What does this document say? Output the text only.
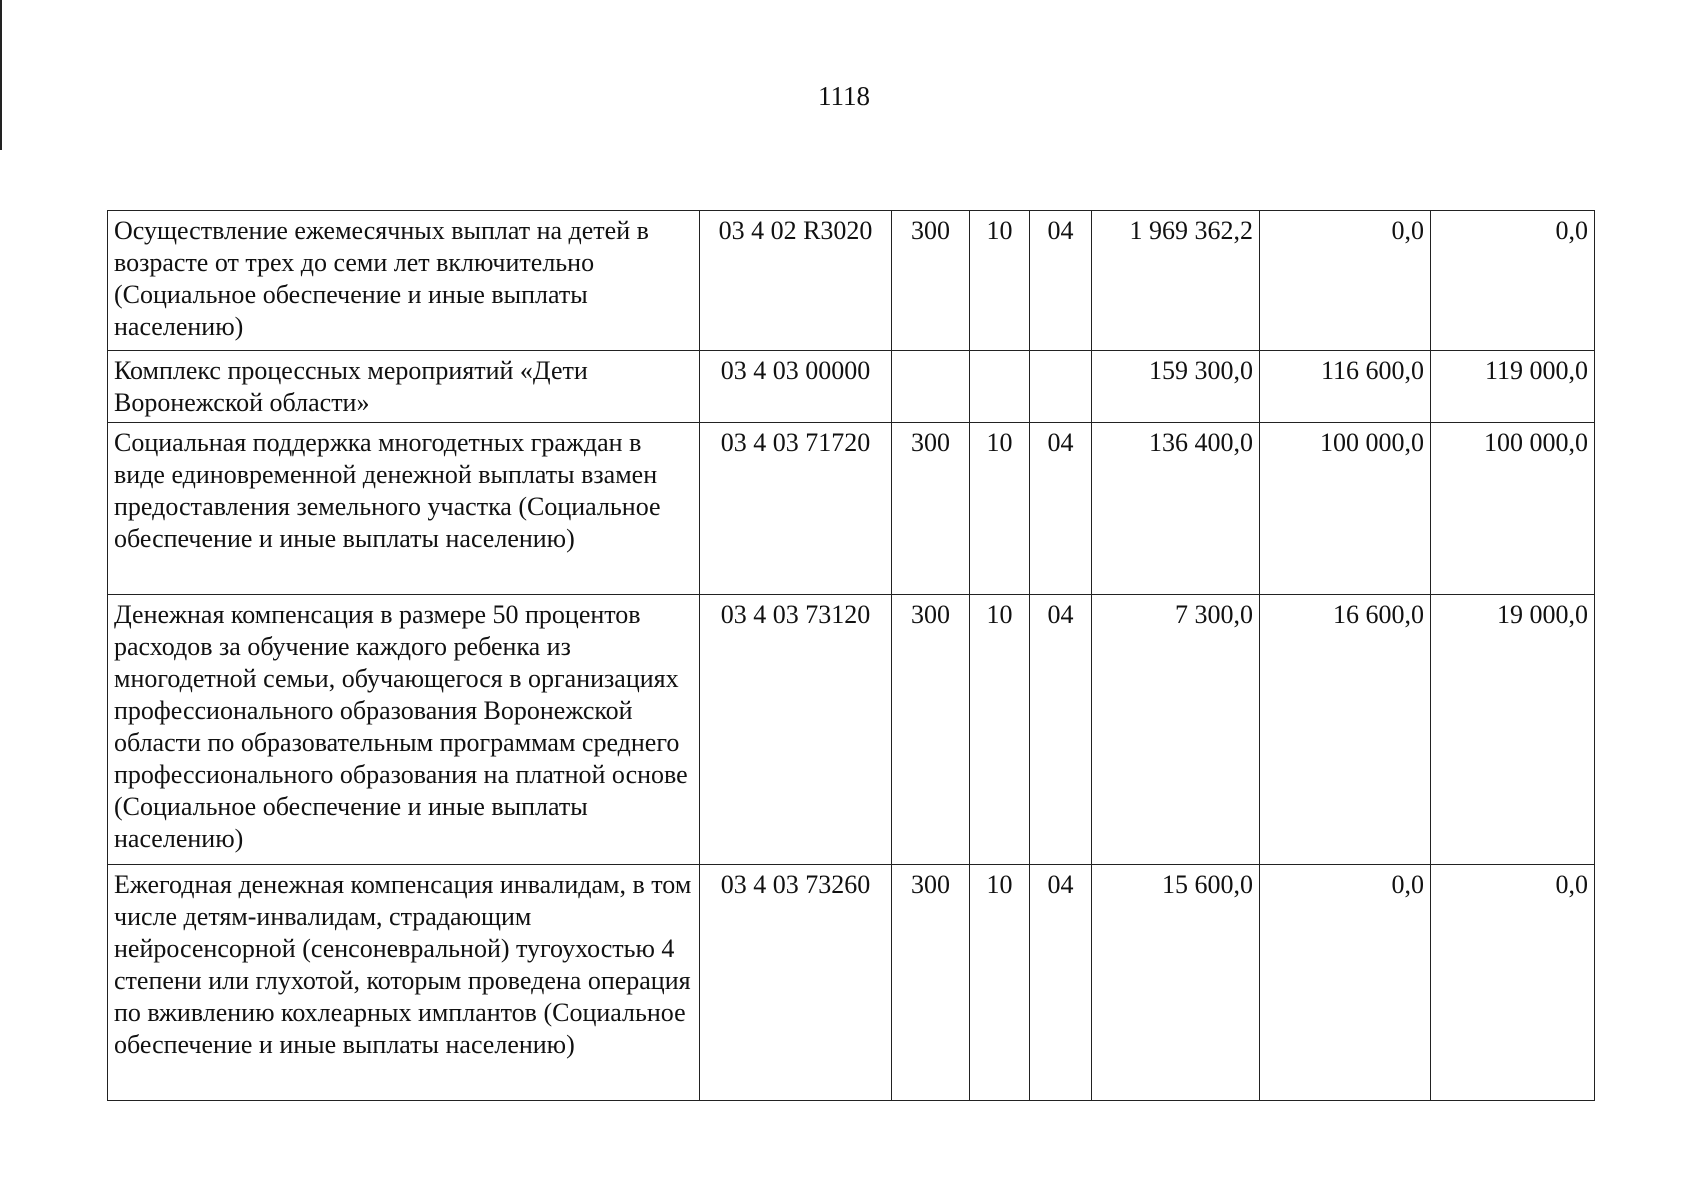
1118
Осуществление ежемесячных выплат на детей в возрасте от трех до семи лет включительно (Социальное обеспечение и иные выплаты населению)	03 4 02 R3020	300	10	04	1 969 362,2	0,0	0,0
Комплекс процессных мероприятий «Дети Воронежской области»	03 4 03 00000				159 300,0	116 600,0	119 000,0
Социальная поддержка многодетных граждан в виде единовременной денежной выплаты взамен предоставления земельного участка (Социальное обеспечение и иные выплаты населению)	03 4 03 71720	300	10	04	136 400,0	100 000,0	100 000,0
Денежная компенсация в размере 50 процентов расходов за обучение каждого ребенка из многодетной семьи, обучающегося в организациях профессионального образования Воронежской области по образовательным программам среднего профессионального образования на платной основе (Социальное обеспечение и иные выплаты населению)	03 4 03 73120	300	10	04	7 300,0	16 600,0	19 000,0
Ежегодная денежная компенсация инвалидам, в том числе детям-инвалидам, страдающим нейросенсорной (сенсоневральной) тугоухостью 4 степени или глухотой, которым проведена операция по вживлению кохлеарных имплантов (Социальное обеспечение и иные выплаты населению)	03 4 03 73260	300	10	04	15 600,0	0,0	0,0
